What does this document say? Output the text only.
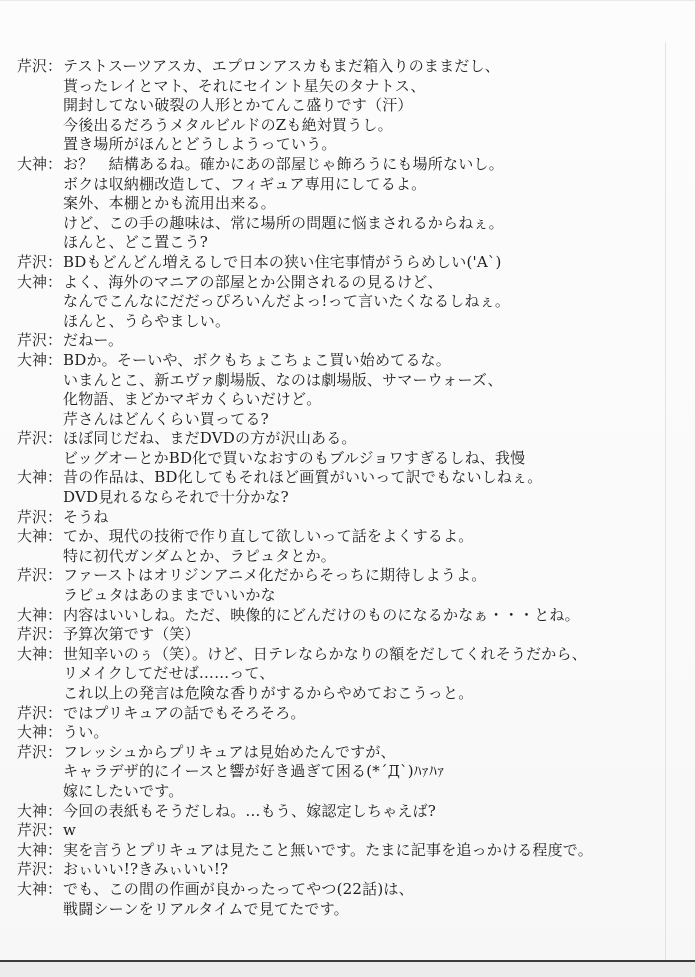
芹沢： テストスーツアスカ、エプロンアスカもまだ箱入りのままだし、
貰ったレイとマト、それにセイント星矢のタナトス、
開封してない破裂の人形とかてんこ盛りです（汗）
今後出るだろうメタルビルドのZも絶対買うし。
置き場所がほんとどうしようっていう。
大神： お？　結構あるね。確かにあの部屋じゃ飾ろうにも場所ないし。
ボクは収納棚改造して、フィギュア専用にしてるよ。
案外、本棚とかも流用出来る。
けど、この手の趣味は、常に場所の問題に悩まされるからねぇ。
ほんと、どこ置こう?
芹沢： BDもどんどん増えるしで日本の狭い住宅事情がうらめしい('A`)
大神： よく、海外のマニアの部屋とか公開されるの見るけど、
なんでこんなにだだっぴろいんだよっ!って言いたくなるしねぇ。
ほんと、うらやましい。
芹沢： だねー。
大神： BDか。そーいや、ボクもちょこちょこ買い始めてるな。
いまんとこ、新エヴァ劇場版、なのは劇場版、サマーウォーズ、
化物語、まどかマギカくらいだけど。
芹さんはどんくらい買ってる?
芹沢： ほぼ同じだね、まだDVDの方が沢山ある。
ビッグオーとかBD化で買いなおすのもブルジョワすぎるしね、我慢
大神： 昔の作品は、BD化してもそれほど画質がいいって訳でもないしねぇ。
DVD見れるならそれで十分かな?
芹沢： そうね
大神： てか、現代の技術で作り直して欲しいって話をよくするよ。
特に初代ガンダムとか、ラピュタとか。
芹沢： ファーストはオリジンアニメ化だからそっちに期待しようよ。
ラピュタはあのままでいいかな
大神： 内容はいいしね。ただ、映像的にどんだけのものになるかなぁ・・・とね。
芹沢： 予算次第です（笑）
大神： 世知辛いのぅ（笑）。けど、日テレならかなりの額をだしてくれそうだから、
リメイクしてだせば……って、
これ以上の発言は危険な香りがするからやめておこうっと。
芹沢： ではプリキュアの話でもそろそろ。
大神： うい。
芹沢： フレッシュからプリキュアは見始めたんですが、
キャラデザ的にイースと響が好き過ぎて困る(*´Д`)ﾊｧﾊｧ
嫁にしたいです。
大神： 今回の表紙もそうだしね。…もう、嫁認定しちゃえば?
芹沢： w
大神： 実を言うとプリキュアは見たこと無いです。たまに記事を追っかける程度で。
芹沢： おぃいい!?きみぃいい!?
大神： でも、この間の作画が良かったってやつ(22話)は、
戦闘シーンをリアルタイムで見てたです。
